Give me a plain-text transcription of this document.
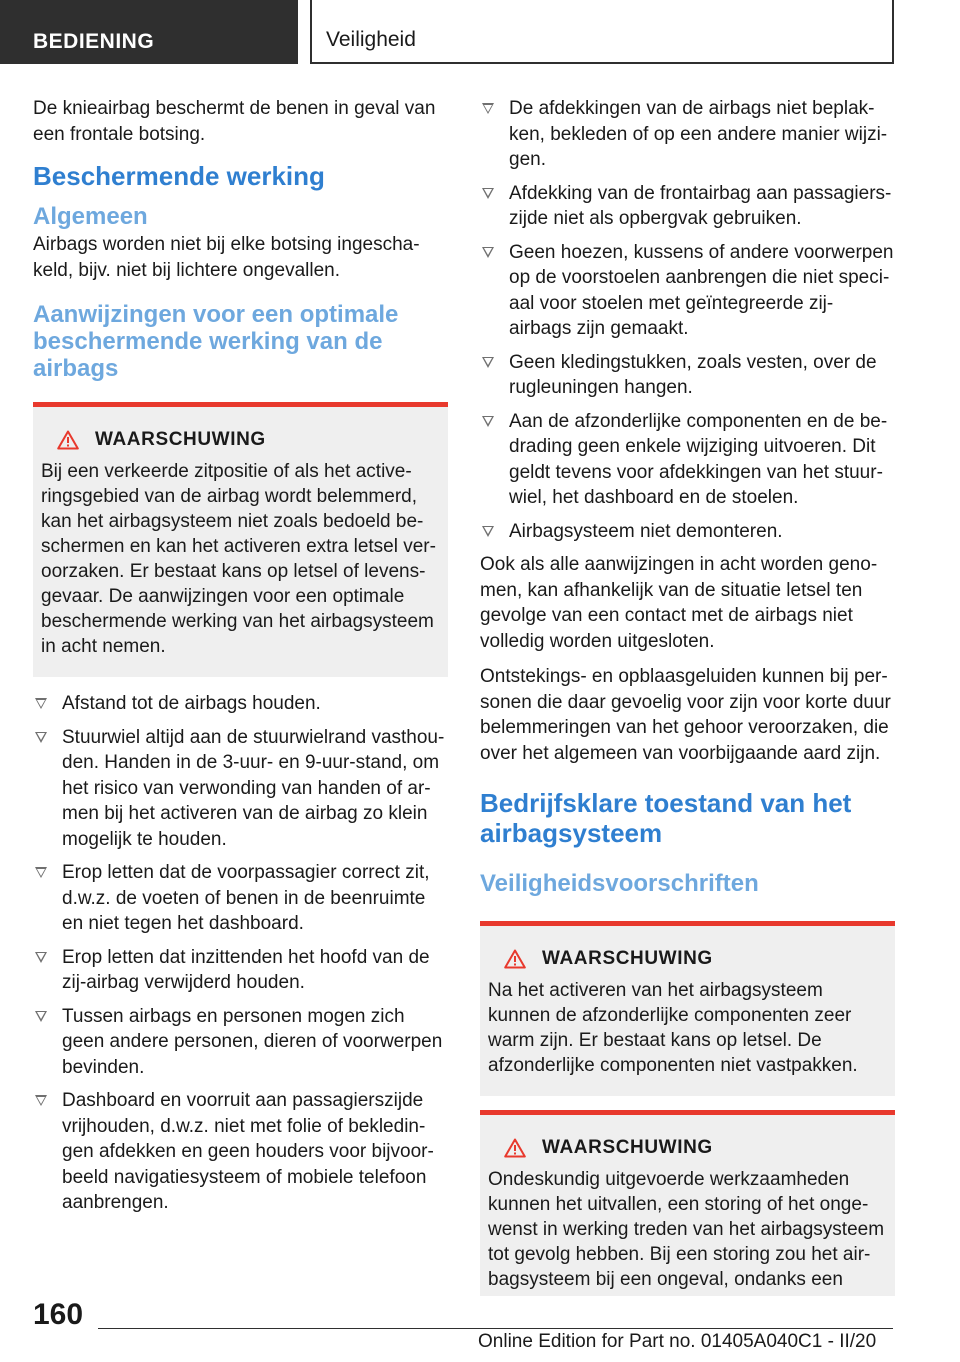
BEDIENING	Veiligheid

De knieairbag beschermt de benen in geval van een frontale botsing.

Beschermende werking
Algemeen

Airbags worden niet bij elke botsing ingeschakeld, bijv. niet bij lichtere ongevallen.

Aanwijzingen voor een optimale beschermende werking van de airbags
WAARSCHUWING

Bij een verkeerde zitpositie of als het activeringsgebied van de airbag wordt belemmerd, kan het airbagsysteem niet zoals bedoeld beschermen en kan het activeren extra letsel veroorzaken. Er bestaat kans op letsel of levensgevaar. De aanwijzingen voor een optimale beschermende werking van het airbagsysteem in acht nemen.

Afstand tot de airbags houden.
Stuurwiel altijd aan de stuurwielrand vasthouden. Handen in de 3-uur- en 9-uur-stand, om het risico van verwonding van handen of armen bij het activeren van de airbag zo klein mogelijk te houden.
Erop letten dat de voorpassagier correct zit, d.w.z. de voeten of benen in de beenruimte en niet tegen het dashboard.
Erop letten dat inzittenden het hoofd van de zij-airbag verwijderd houden.
Tussen airbags en personen mogen zich geen andere personen, dieren of voorwerpen bevinden.
Dashboard en voorruit aan passagierszijde vrijhouden, d.w.z. niet met folie of bekledingen afdekken en geen houders voor bijvoorbeeld navigatiesysteem of mobiele telefoon aanbrengen.
De afdekkingen van de airbags niet beplakken, bekleden of op een andere manier wijzigen.
Afdekking van de frontairbag aan passagierszijde niet als opbergvak gebruiken.
Geen hoezen, kussens of andere voorwerpen op de voorstoelen aanbrengen die niet speciaal voor stoelen met geïntegreerde zij-airbags zijn gemaakt.
Geen kledingstukken, zoals vesten, over de rugleuningen hangen.
Aan de afzonderlijke componenten en de bedrading geen enkele wijziging uitvoeren. Dit geldt tevens voor afdekkingen van het stuurwiel, het dashboard en de stoelen.
Airbagsysteem niet demonteren.

Ook als alle aanwijzingen in acht worden genomen, kan afhankelijk van de situatie letsel ten gevolge van een contact met de airbags niet volledig worden uitgesloten.

Ontstekings- en opblaasgeluiden kunnen bij personen die daar gevoelig voor zijn voor korte duur belemmeringen van het gehoor veroorzaken, die over het algemeen van voorbijgaande aard zijn.

Bedrijfsklare toestand van het airbagsysteem
Veiligheidsvoorschriften
WAARSCHUWING

Na het activeren van het airbagsysteem kunnen de afzonderlijke componenten zeer warm zijn. Er bestaat kans op letsel. De afzonderlijke componenten niet vastpakken.

WAARSCHUWING

Ondeskundig uitgevoerde werkzaamheden kunnen het uitvallen, een storing of het ongewenst in werking treden van het airbagsysteem tot gevolg hebben. Bij een storing zou het airbagsysteem bij een ongeval, ondanks een

160
Online Edition for Part no. 01405A040C1 - II/20
